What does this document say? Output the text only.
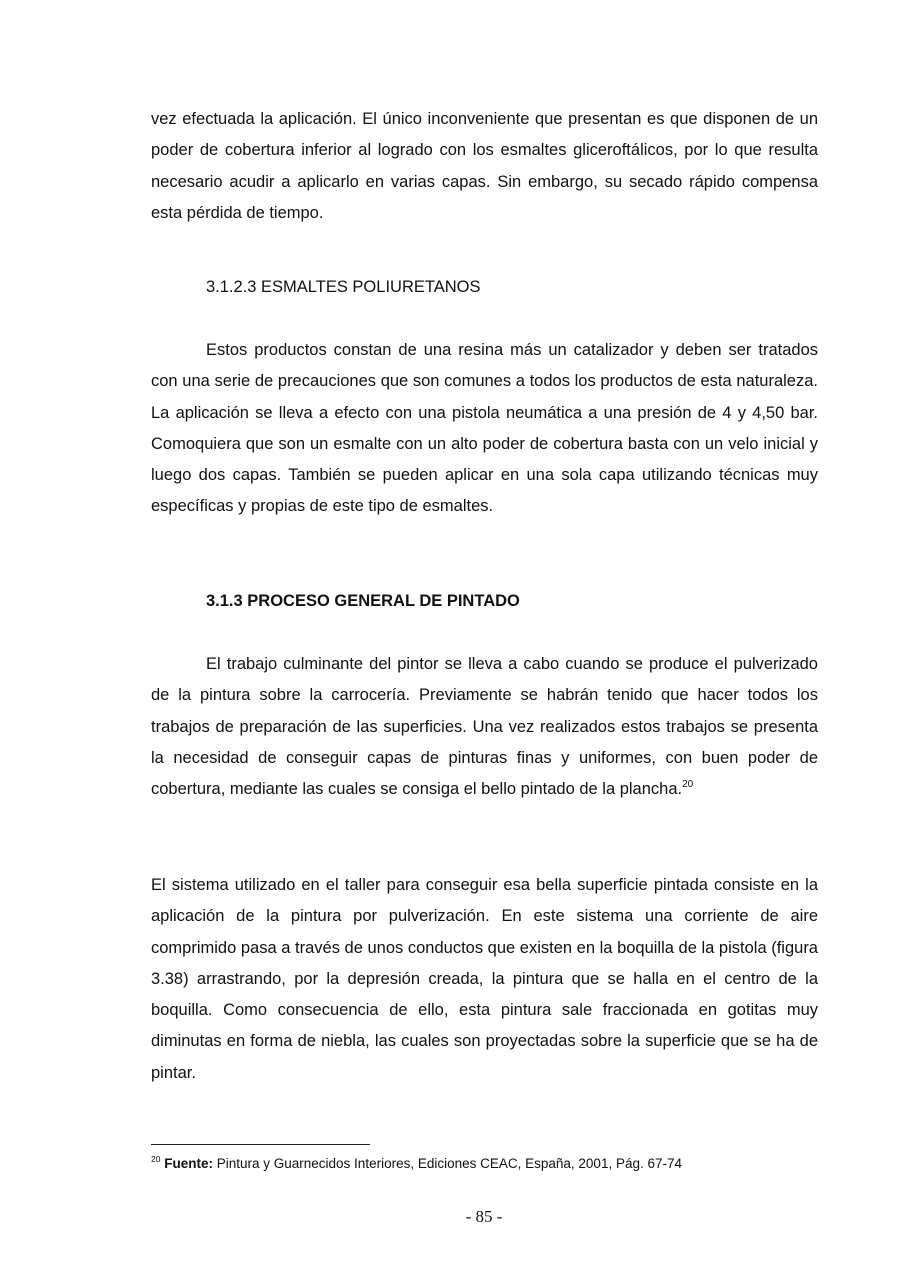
vez efectuada la aplicación. El único inconveniente que presentan es que disponen de un poder de cobertura inferior al logrado con los esmaltes gliceroftálicos, por lo que resulta necesario acudir a aplicarlo en varias capas. Sin embargo, su secado rápido compensa esta pérdida de tiempo.

3.1.2.3 ESMALTES POLIURETANOS

Estos productos constan de una resina más un catalizador y deben ser tratados con una serie de precauciones que son comunes a todos los productos de esta naturaleza. La aplicación se lleva a efecto con una pistola neumática a una presión de 4 y 4,50 bar. Comoquiera que son un esmalte con un alto poder de cobertura basta con un velo inicial y luego dos capas. También se pueden aplicar en una sola capa utilizando técnicas muy específicas y propias de este tipo de esmaltes.

3.1.3 PROCESO GENERAL DE PINTADO

El trabajo culminante del pintor se lleva a cabo cuando se produce el pulverizado de la pintura sobre la carrocería. Previamente se habrán tenido que hacer todos los trabajos de preparación de las superficies. Una vez realizados estos trabajos se presenta la necesidad de conseguir capas de pinturas finas y uniformes, con buen poder de cobertura, mediante las cuales se consiga el bello pintado de la plancha.$^{20}$

El sistema utilizado en el taller para conseguir esa bella superficie pintada consiste en la aplicación de la pintura por pulverización. En este sistema una corriente de aire comprimido pasa a través de unos conductos que existen en la boquilla de la pistola (figura 3.38) arrastrando, por la depresión creada, la pintura que se halla en el centro de la boquilla. Como consecuencia de ello, esta pintura sale fraccionada en gotitas muy diminutas en forma de niebla, las cuales son proyectadas sobre la superficie que se ha de pintar.

$^{20}$ Fuente: Pintura y Guarnecidos Interiores, Ediciones CEAC, España, 2001, Pág. 67-74

- 85 -
